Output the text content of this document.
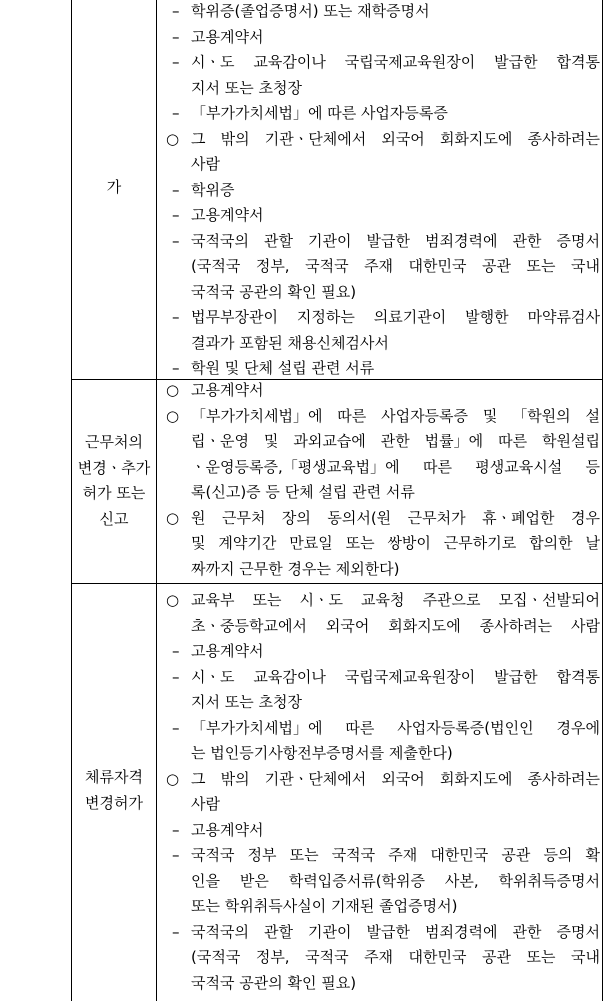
가
– 학위증(졸업증명서) 또는 재학증명서
– 고용계약서
– 시ㆍ도 교육감이나 국립국제교육원장이 발급한 합격통
지서 또는 초청장
– 「부가가치세법」에 따른 사업자등록증
○ 그 밖의 기관ㆍ단체에서 외국어 회화지도에 종사하려는
사람
– 학위증
– 고용계약서
– 국적국의 관할 기관이 발급한 범죄경력에 관한 증명서
(국적국 정부, 국적국 주재 대한민국 공관 또는 국내
국적국 공관의 확인 필요)
– 법무부장관이 지정하는 의료기관이 발행한 마약류검사
결과가 포함된 채용신체검사서
– 학원 및 단체 설립 관련 서류
근무처의
변경ㆍ추가
허가 또는
신고
○ 고용계약서
○ 「부가가치세법」에 따른 사업자등록증 및 「학원의 설
립ㆍ운영 및 과외교습에 관한 법률」에 따른 학원설립
ㆍ운영등록증,「평생교육법」에 따른 평생교육시설 등
록(신고)증 등 단체 설립 관련 서류
○ 원 근무처 장의 동의서(원 근무처가 휴ㆍ폐업한 경우
및 계약기간 만료일 또는 쌍방이 근무하기로 합의한 날
짜까지 근무한 경우는 제외한다)
체류자격
변경허가
○ 교육부 또는 시ㆍ도 교육청 주관으로 모집ㆍ선발되어
초ㆍ중등학교에서 외국어 회화지도에 종사하려는 사람
– 고용계약서
– 시ㆍ도 교육감이나 국립국제교육원장이 발급한 합격통
지서 또는 초청장
– 「부가가치세법」에 따른 사업자등록증(법인인 경우에
는 법인등기사항전부증명서를 제출한다)
○ 그 밖의 기관ㆍ단체에서 외국어 회화지도에 종사하려는
사람
– 고용계약서
– 국적국 정부 또는 국적국 주재 대한민국 공관 등의 확
인을 받은 학력입증서류(학위증 사본, 학위취득증명서
또는 학위취득사실이 기재된 졸업증명서)
– 국적국의 관할 기관이 발급한 범죄경력에 관한 증명서
(국적국 정부, 국적국 주재 대한민국 공관 또는 국내
국적국 공관의 확인 필요)
